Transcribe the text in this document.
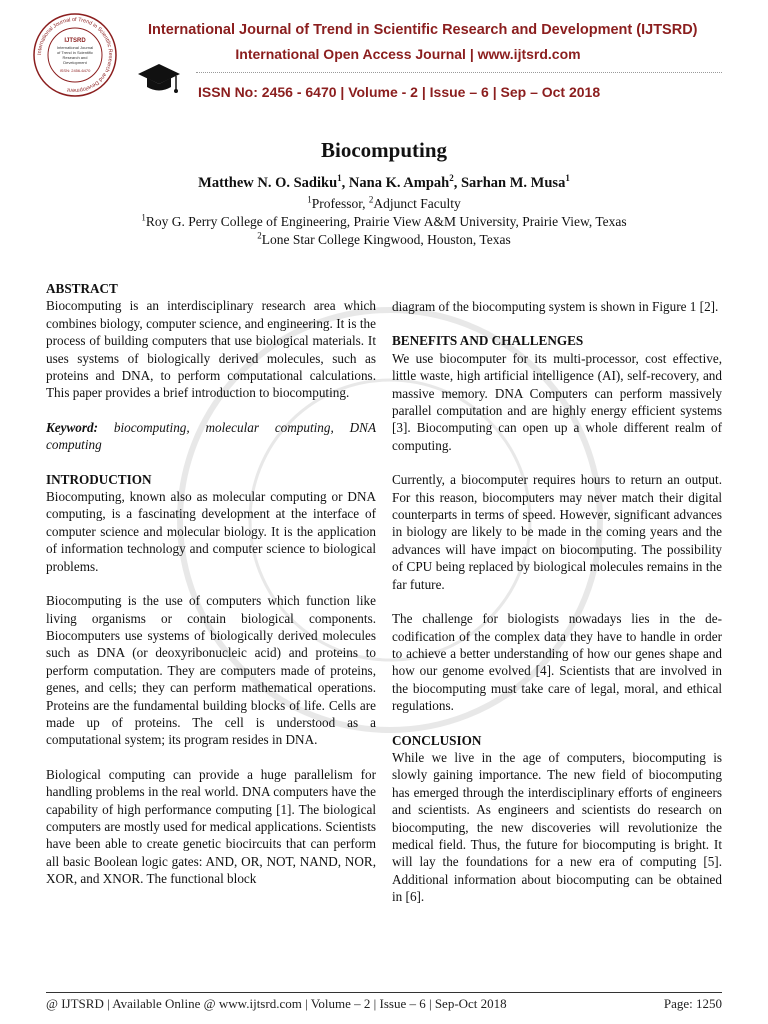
International Journal of Trend in Scientific Research and Development
IJTSRD
International Journal
of Trend in Scientific
Research and
Development
ISSN: 2456-6470
International Journal of Trend in Scientific Research and Development (IJTSRD)
International Open Access Journal | www.ijtsrd.com
ISSN No: 2456 - 6470 | Volume - 2 | Issue – 6 | Sep – Oct 2018
Biocomputing
Matthew N. O. Sadiku$^1$, Nana K. Ampah$^2$, Sarhan M. Musa$^1$
$^1$Professor, $^2$Adjunct Faculty
$^1$Roy G. Perry College of Engineering, Prairie View A&M University, Prairie View, Texas
$^2$Lone Star College Kingwood, Houston, Texas
ABSTRACT

Biocomputing is an interdisciplinary research area which combines biology, computer science, and engineering. It is the process of building computers that use biological materials. It uses systems of biologically derived molecules, such as proteins and DNA, to perform computational calculations. This paper provides a brief introduction to biocomputing.

Keyword: biocomputing, molecular computing, DNA computing

INTRODUCTION

Biocomputing, known also as molecular computing or DNA computing, is a fascinating development at the interface of computer science and molecular biology. It is the application of information technology and computer science to biological problems.

Biocomputing is the use of computers which function like living organisms or contain biological components. Biocomputers use systems of biologically derived molecules such as DNA (or deoxyribonucleic acid) and proteins to perform computation. They are computers made of proteins, genes, and cells; they can perform mathematical operations. Proteins are the fundamental building blocks of life. Cells are made up of proteins. The cell is understood as a computational system; its program resides in DNA.

Biological computing can provide a huge parallelism for handling problems in the real world. DNA computers have the capability of high performance computing [1]. The biological computers are mostly used for medical applications. Scientists have been able to create genetic biocircuits that can perform all basic Boolean logic gates: AND, OR, NOT, NAND, NOR, XOR, and XNOR. The functional block

diagram of the biocomputing system is shown in Figure 1 [2].

BENEFITS AND CHALLENGES

We use biocomputer for its multi-processor, cost effective, little waste, high artificial intelligence (AI), self-recovery, and massive memory. DNA Computers can perform massively parallel computation and are highly energy efficient systems [3]. Biocomputing can open up a whole different realm of computing.

Currently, a biocomputer requires hours to return an output. For this reason, biocomputers may never match their digital counterparts in terms of speed. However, significant advances in biology are likely to be made in the coming years and the advances will have impact on biocomputing. The possibility of CPU being replaced by biological molecules remains in the far future.

The challenge for biologists nowadays lies in the de-codification of the complex data they have to handle in order to achieve a better understanding of how our genes shape and how our genome evolved [4]. Scientists that are involved in the biocomputing must take care of legal, moral, and ethical regulations.

CONCLUSION

While we live in the age of computers, biocomputing is slowly gaining importance. The new field of biocomputing has emerged through the interdisciplinary efforts of engineers and scientists. As engineers and scientists do research on biocomputing, the new discoveries will revolutionize the medical field. Thus, the future for biocomputing is bright. It will lay the foundations for a new era of computing [5]. Additional information about biocomputing can be obtained in [6].

@ IJTSRD | Available Online @ www.ijtsrd.com | Volume – 2 | Issue – 6 | Sep-Oct 2018	Page: 1250
